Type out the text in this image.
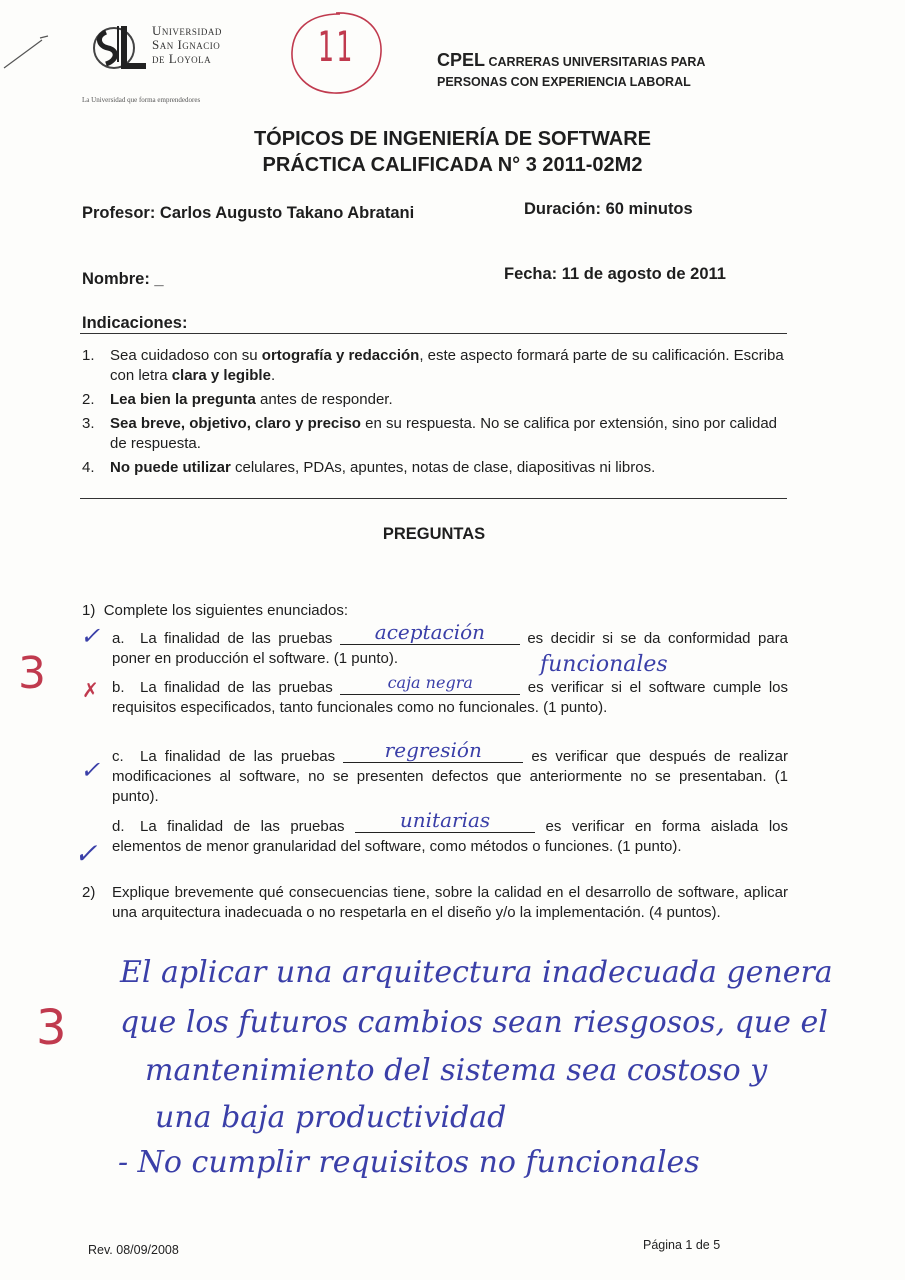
Universidad
San Ignacio
de Loyola
La Universidad que forma emprendedores
11	CPEL CARRERAS UNIVERSITARIAS PARA
PERSONAS CON EXPERIENCIA LABORAL
TÓPICOS DE INGENIERÍA DE SOFTWARE
PRÁCTICA CALIFICADA N° 3 2011-02M2
Profesor: Carlos Augusto Takano Abratani	Duración: 60 minutos
Nombre: _	Fecha: 11 de agosto de 2011
Indicaciones:
1.	Sea cuidadoso con su ortografía y redacción, este aspecto formará parte de su calificación. Escriba con letra clara y legible.
2.	Lea bien la pregunta antes de responder.
3.	Sea breve, objetivo, claro y preciso en su respuesta. No se califica por extensión, sino por calidad de respuesta.
4.	No puede utilizar celulares, PDAs, apuntes, notas de clase, diapositivas ni libros.
PREGUNTAS
1) Complete los siguientes enunciados:
3
✓ a. La finalidad de las pruebas aceptación es decidir si se da conformidad para poner en producción el software. (1 punto).	funcionales
✗ b. La finalidad de las pruebas	caja negra	es verificar si el software cumple los requisitos especificados, tanto funcionales como no funcionales. (1 punto).
✓ c. La finalidad de las pruebas regresión	es verificar que después de realizar modificaciones al software, no se presenten defectos que anteriormente no se presentaban. (1 punto).
✓
d. La finalidad de las pruebas unitarias	es verificar en forma aislada los elementos de menor granularidad del software, como métodos o funciones. (1 punto).
2)	Explique brevemente qué consecuencias tiene, sobre la calidad en el desarrollo de software, aplicar una arquitectura inadecuada o no respetarla en el diseño y/o la implementación. (4 puntos).
3
El aplicar una arquitectura inadecuada genera
que los futuros cambios sean riesgosos, que el
mantenimiento del sistema sea costoso y
una baja productividad
- No cumplir requisitos no funcionales
Rev. 08/09/2008	Página 1 de 5
